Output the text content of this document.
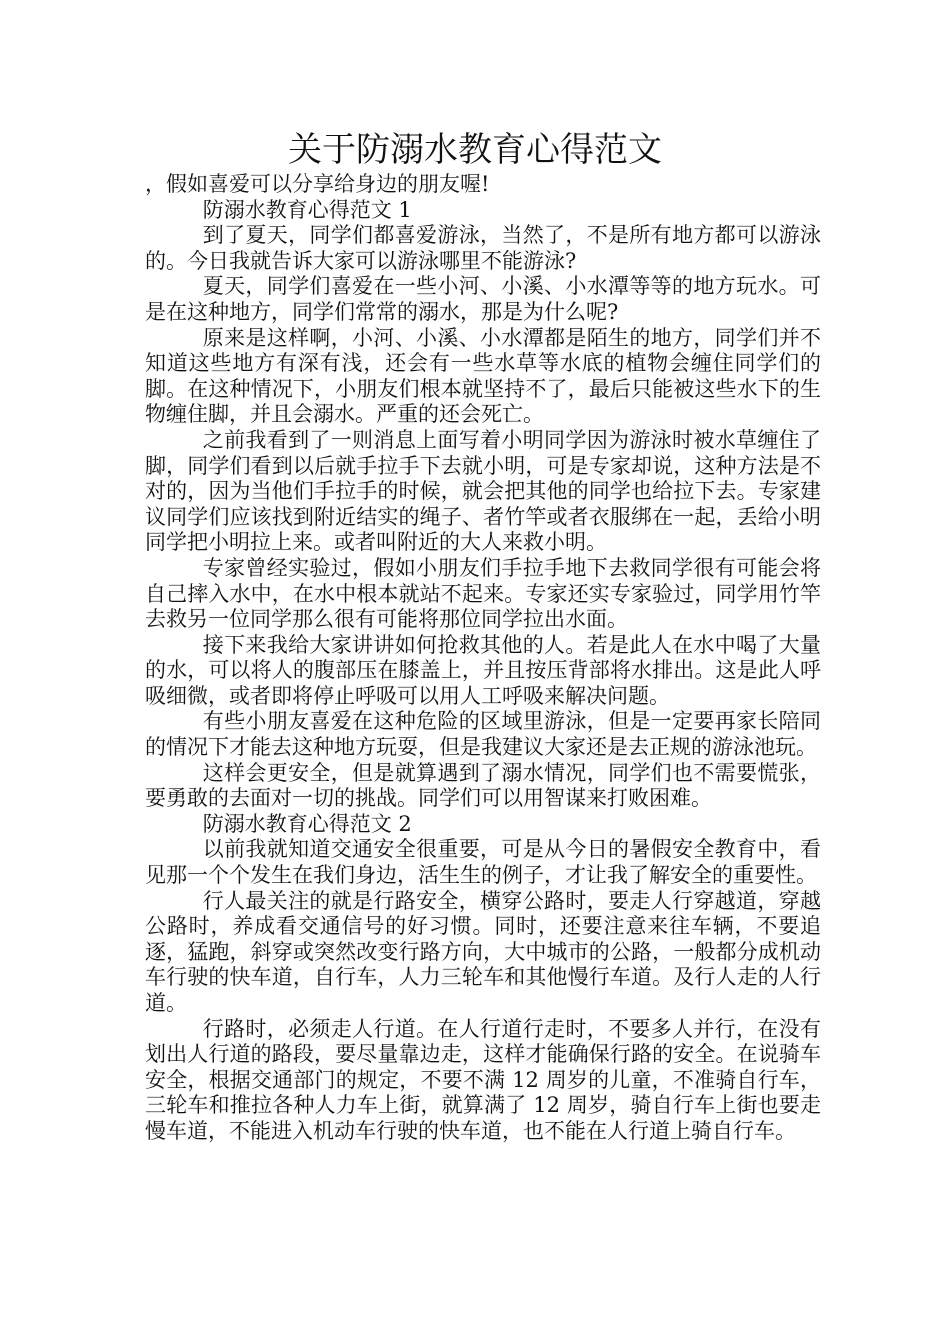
关于防溺水教育心得范文

，假如喜爱可以分享给身边的朋友喔!

防溺水教育心得范文 1

到了夏天，同学们都喜爱游泳，当然了，不是所有地方都可以游泳的。今日我就告诉大家可以游泳哪里不能游泳?

夏天，同学们喜爱在一些小河、小溪、小水潭等等的地方玩水。可是在这种地方，同学们常常的溺水，那是为什么呢?

原来是这样啊，小河、小溪、小水潭都是陌生的地方，同学们并不知道这些地方有深有浅，还会有一些水草等水底的植物会缠住同学们的脚。在这种情况下，小朋友们根本就坚持不了，最后只能被这些水下的生物缠住脚，并且会溺水。严重的还会死亡。

之前我看到了一则消息上面写着小明同学因为游泳时被水草缠住了脚，同学们看到以后就手拉手下去就小明，可是专家却说，这种方法是不对的，因为当他们手拉手的时候，就会把其他的同学也给拉下去。专家建议同学们应该找到附近结实的绳子、者竹竿或者衣服绑在一起，丢给小明同学把小明拉上来。或者叫附近的大人来救小明。

专家曾经实验过，假如小朋友们手拉手地下去救同学很有可能会将自己摔入水中，在水中根本就站不起来。专家还实专家验过，同学用竹竿去救另一位同学那么很有可能将那位同学拉出水面。

接下来我给大家讲讲如何抢救其他的人。若是此人在水中喝了大量的水，可以将人的腹部压在膝盖上，并且按压背部将水排出。这是此人呼吸细微，或者即将停止呼吸可以用人工呼吸来解决问题。

有些小朋友喜爱在这种危险的区域里游泳，但是一定要再家长陪同的情况下才能去这种地方玩耍，但是我建议大家还是去正规的游泳池玩。

这样会更安全，但是就算遇到了溺水情况，同学们也不需要慌张，要勇敢的去面对一切的挑战。同学们可以用智谋来打败困难。

防溺水教育心得范文 2

以前我就知道交通安全很重要，可是从今日的暑假安全教育中，看见那一个个发生在我们身边，活生生的例子，才让我了解安全的重要性。

行人最关注的就是行路安全，横穿公路时，要走人行穿越道，穿越公路时，养成看交通信号的好习惯。同时，还要注意来往车辆，不要追逐，猛跑，斜穿或突然改变行路方向，大中城市的公路，一般都分成机动车行驶的快车道，自行车，人力三轮车和其他慢行车道。及行人走的人行道。

行路时，必须走人行道。在人行道行走时，不要多人并行，在没有划出人行道的路段，要尽量靠边走，这样才能确保行路的安全。在说骑车安全，根据交通部门的规定，不要不满 12 周岁的儿童，不准骑自行车，三轮车和推拉各种人力车上街，就算满了 12 周岁，骑自行车上街也要走慢车道，不能进入机动车行驶的快车道，也不能在人行道上骑自行车。
